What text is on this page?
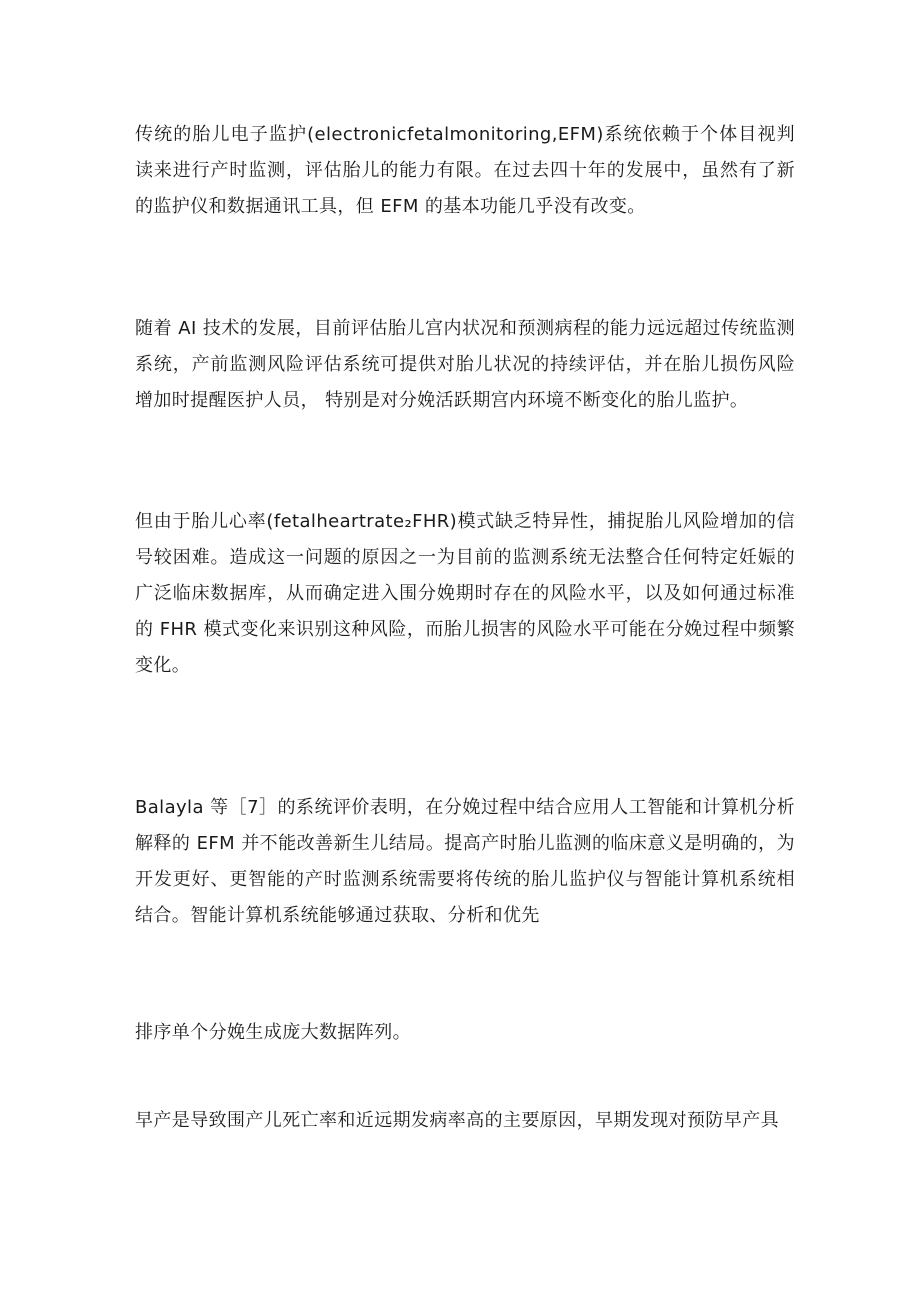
传统的胎儿电子监护(electronicfetalmonitoring,EFM)系统依赖于个体目视判读来进行产时监测，评估胎儿的能力有限。在过去四十年的发展中，虽然有了新的监护仪和数据通讯工具，但 EFM 的基本功能几乎没有改变。

随着 AI 技术的发展，目前评估胎儿宫内状况和预测病程的能力远远超过传统监测系统，产前监测风险评估系统可提供对胎儿状况的持续评估，并在胎儿损伤风险增加时提醒医护人员， 特别是对分娩活跃期宫内环境不断变化的胎儿监护。

但由于胎儿心率(fetalheartrate₂FHR)模式缺乏特异性，捕捉胎儿风险增加的信号较困难。造成这一问题的原因之一为目前的监测系统无法整合任何特定妊娠的广泛临床数据库，从而确定进入围分娩期时存在的风险水平，以及如何通过标准的 FHR 模式变化来识别这种风险，而胎儿损害的风险水平可能在分娩过程中频繁变化。

Balayla 等［7］的系统评价表明，在分娩过程中结合应用人工智能和计算机分析解释的 EFM 并不能改善新生儿结局。提高产时胎儿监测的临床意义是明确的，为开发更好、更智能的产时监测系统需要将传统的胎儿监护仪与智能计算机系统相结合。智能计算机系统能够通过获取、分析和优先

排序单个分娩生成庞大数据阵列。

早产是导致围产儿死亡率和近远期发病率高的主要原因，早期发现对预防早产具
